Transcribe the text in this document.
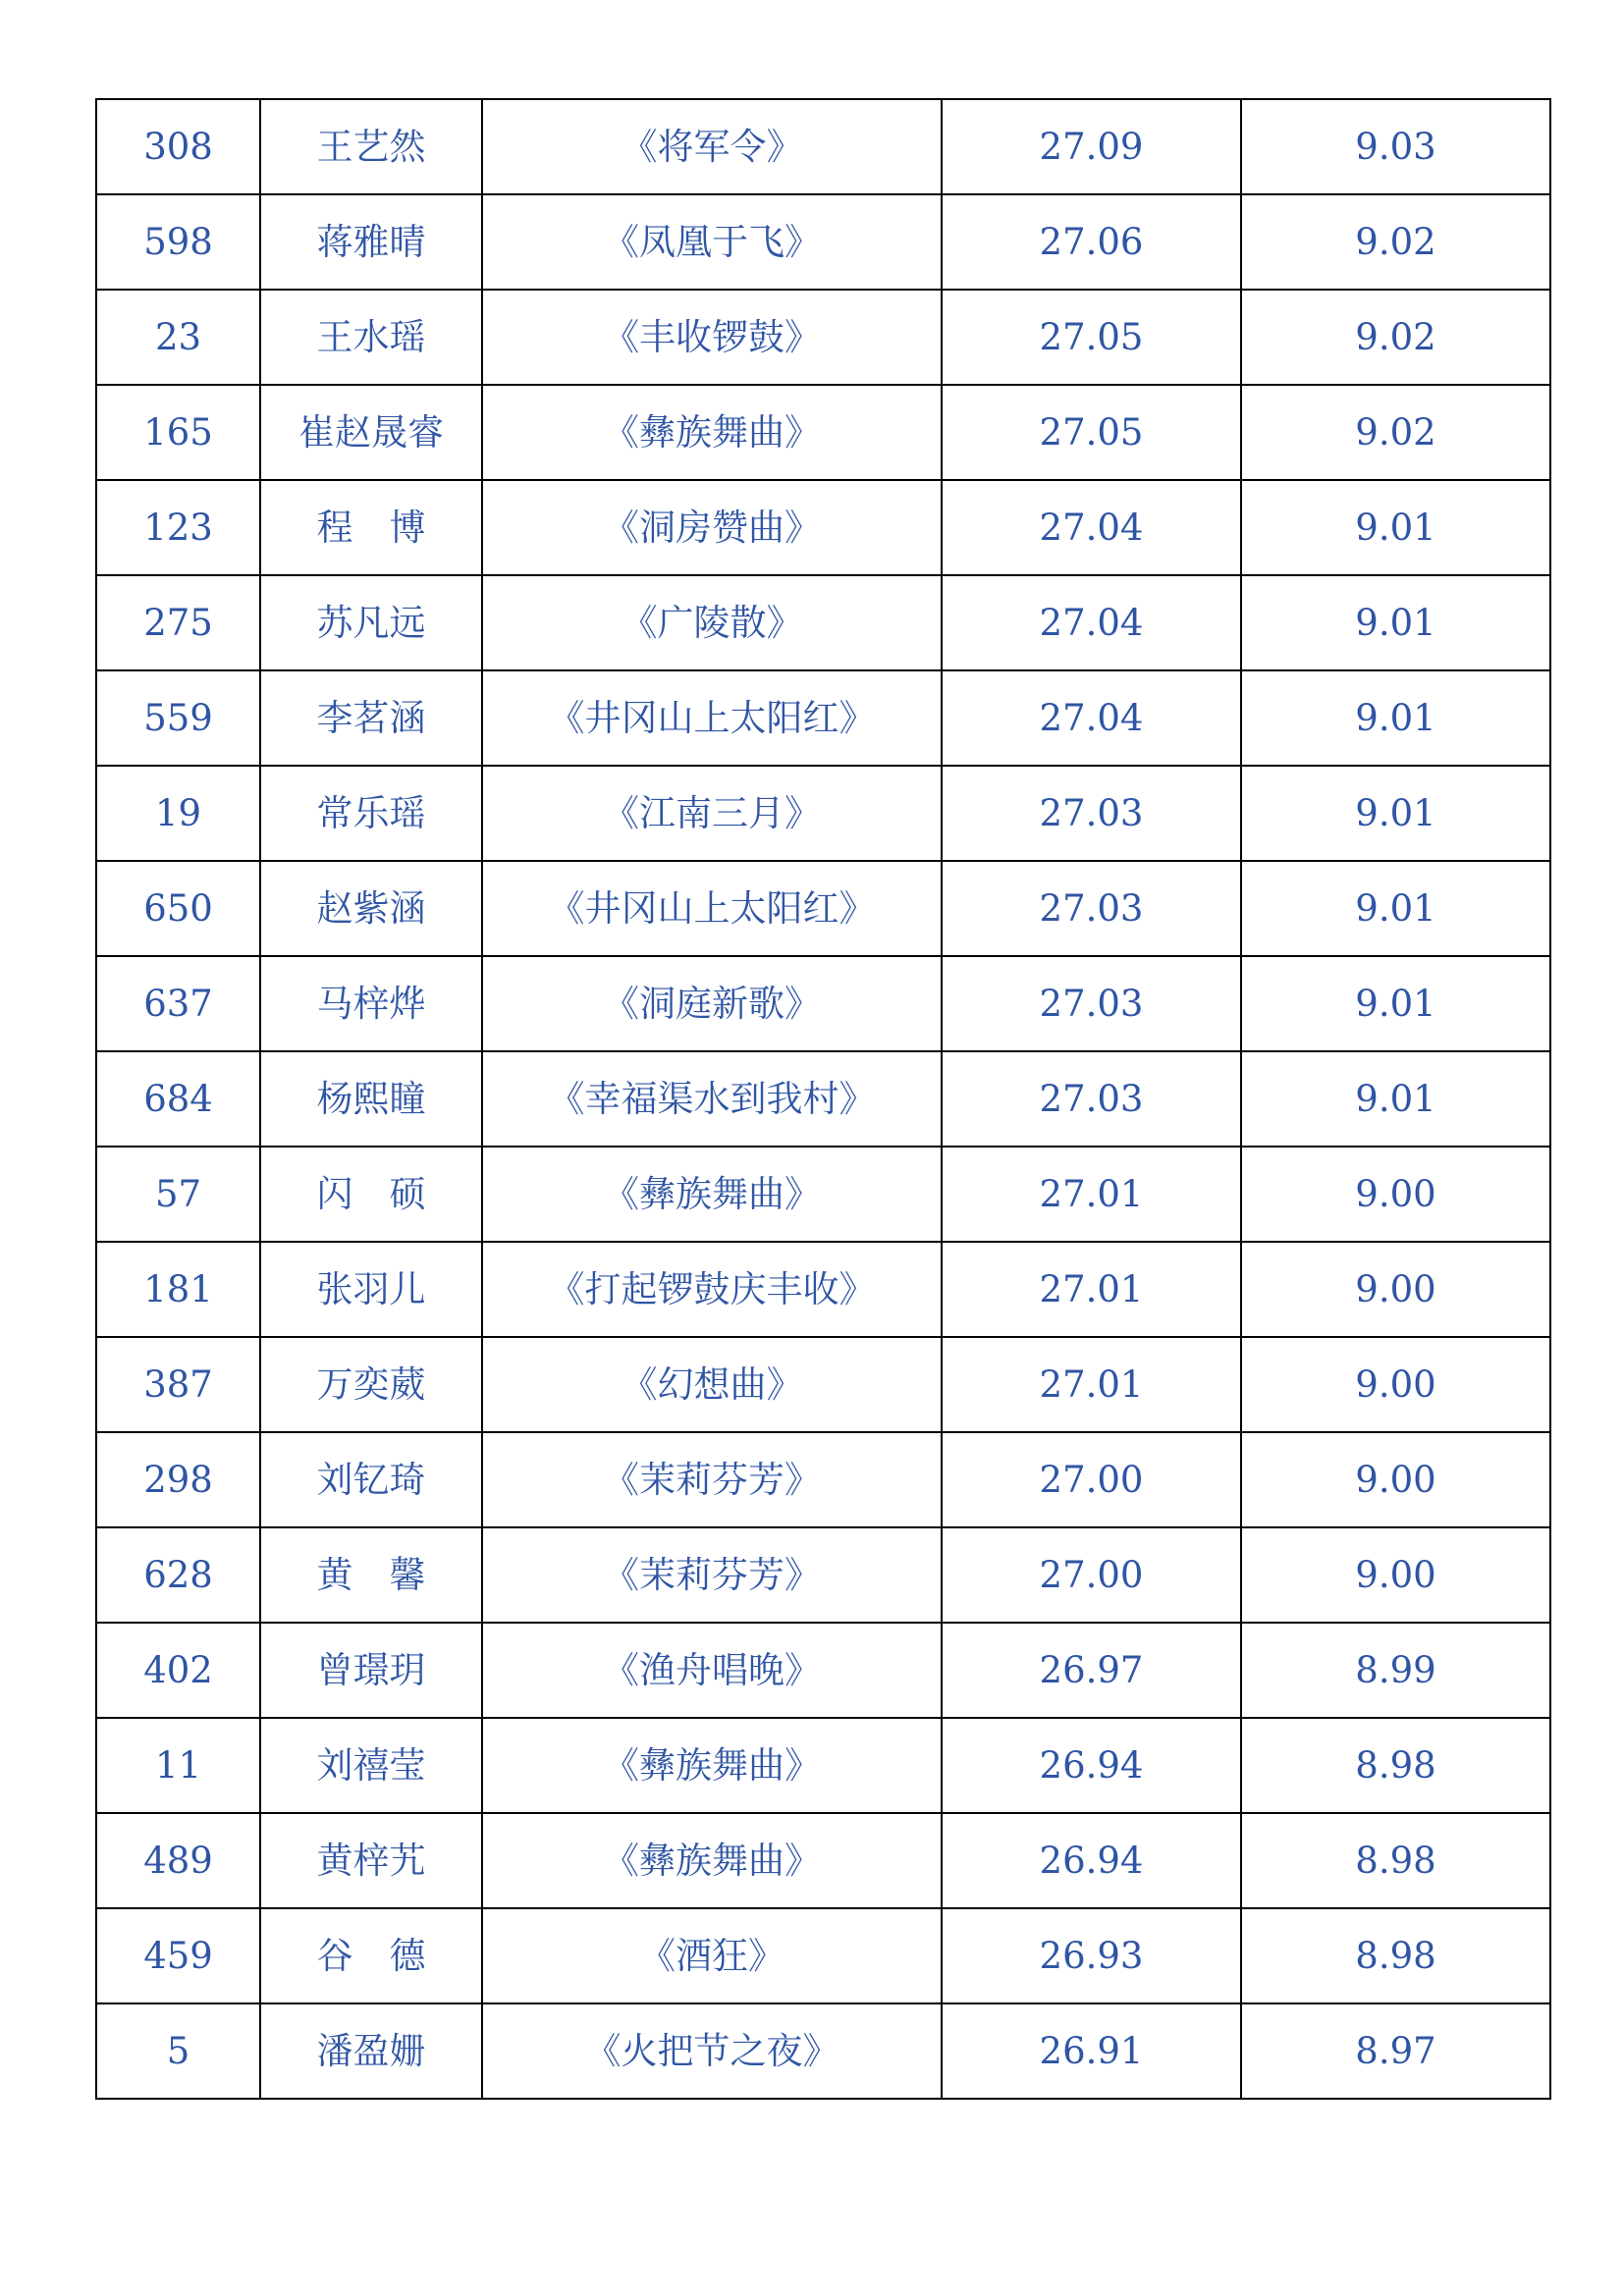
308	王艺然	《将军令》	27.09	9.03
598	蒋雅晴	《凤凰于飞》	27.06	9.02
23	王水瑶	《丰收锣鼓》	27.05	9.02
165	崔赵晟睿	《彝族舞曲》	27.05	9.02
123	程　博	《洞房赞曲》	27.04	9.01
275	苏凡远	《广陵散》	27.04	9.01
559	李茗涵	《井冈山上太阳红》	27.04	9.01
19	常乐瑶	《江南三月》	27.03	9.01
650	赵紫涵	《井冈山上太阳红》	27.03	9.01
637	马梓烨	《洞庭新歌》	27.03	9.01
684	杨熙瞳	《幸福渠水到我村》	27.03	9.01
57	闪　硕	《彝族舞曲》	27.01	9.00
181	张羽儿	《打起锣鼓庆丰收》	27.01	9.00
387	万奕葳	《幻想曲》	27.01	9.00
298	刘钇琦	《茉莉芬芳》	27.00	9.00
628	黄　馨	《茉莉芬芳》	27.00	9.00
402	曾璟玥	《渔舟唱晚》	26.97	8.99
11	刘禧莹	《彝族舞曲》	26.94	8.98
489	黄梓艽	《彝族舞曲》	26.94	8.98
459	谷　德	《酒狂》	26.93	8.98
5	潘盈姗	《火把节之夜》	26.91	8.97
